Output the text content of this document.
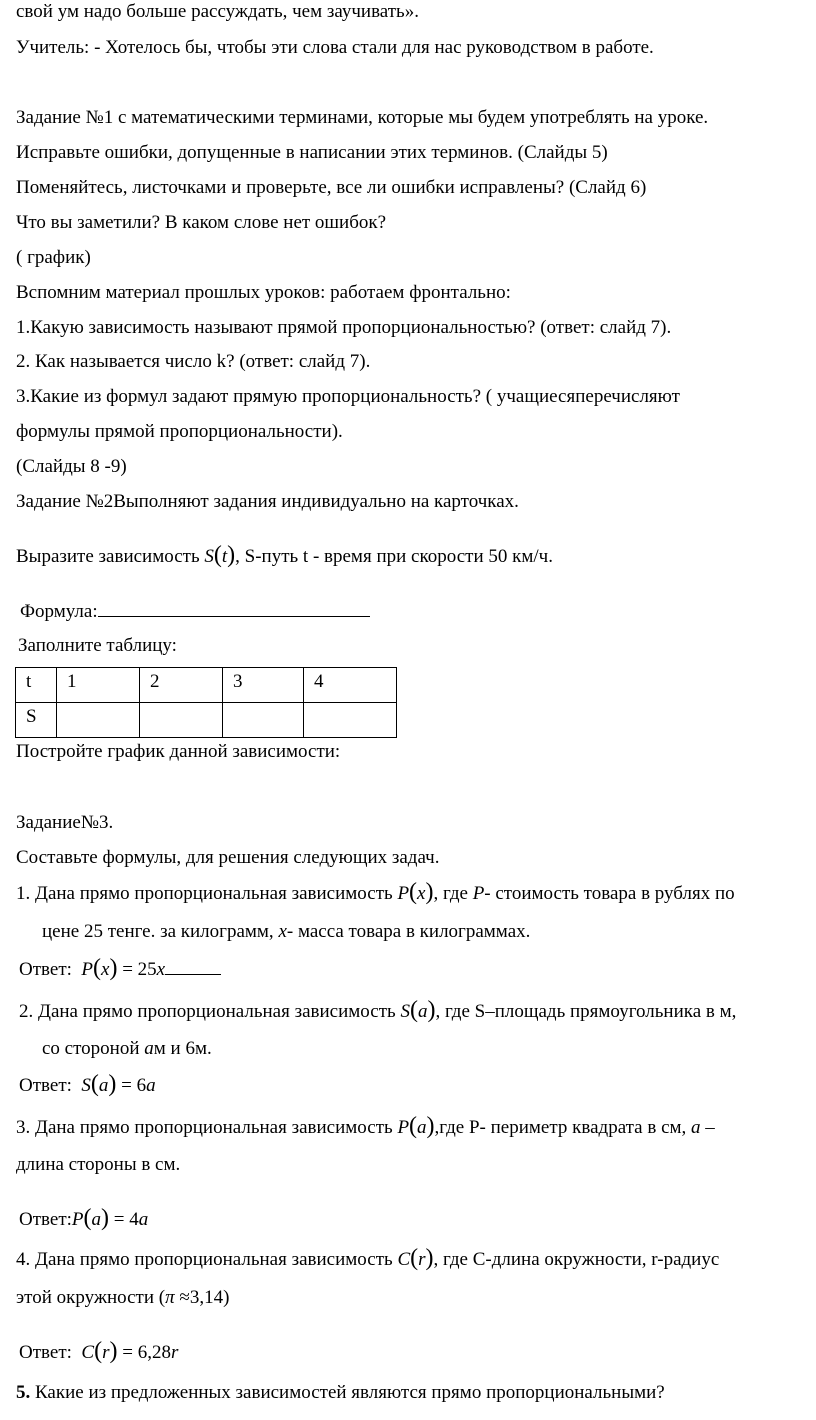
свой ум надо больше рассуждать, чем заучивать».
Учитель: - Хотелось бы, чтобы эти слова стали для нас руководством в работе.
Задание №1 с математическими терминами, которые мы будем употреблять на уроке.
Исправьте ошибки, допущенные в написании этих терминов. (Слайды 5)
Поменяйтесь, листочками и проверьте, все ли ошибки исправлены? (Слайд 6)
Что вы заметили? В каком слове нет ошибок?
( график)
Вспомним материал прошлых уроков: работаем фронтально:
1.Какую зависимость называют прямой пропорциональностью? (ответ: слайд 7).
2. Как называется число k? (ответ: слайд 7).
3.Какие из формул задают прямую пропорциональность? ( учащиесяперечисляют
формулы прямой пропорциональности).
(Слайды 8 -9)
Задание №2Выполняют задания индивидуально на карточках.
Выразите зависимость S(t), S-путь t - время при скорости 50 км/ч.
Формула:
Заполните таблицу:
t	1	2	3	4
S				
Постройте график данной зависимости:
Задание№3.
Составьте формулы, для решения следующих задач.
1. Дана прямо пропорциональная зависимость P(x), где P- стоимость товара в рублях по
цене 25 тенге. за килограмм, x- масса товара в килограммах.
Ответ: P(x) = 25x
2. Дана прямо пропорциональная зависимость S(a), где S–площадь прямоугольника в м,
со стороной aм и 6м.
Ответ: S(a) = 6a
3. Дана прямо пропорциональная зависимость P(a),где Р- периметр квадрата в см, a –
длина стороны в см.
Ответ:P(a) = 4a
4. Дана прямо пропорциональная зависимость C(r), где С-длина окружности, r-радиус
этой окружности (π ≈3,14)
Ответ: C(r) = 6,28r
5. Какие из предложенных зависимостей являются прямо пропорциональными?
